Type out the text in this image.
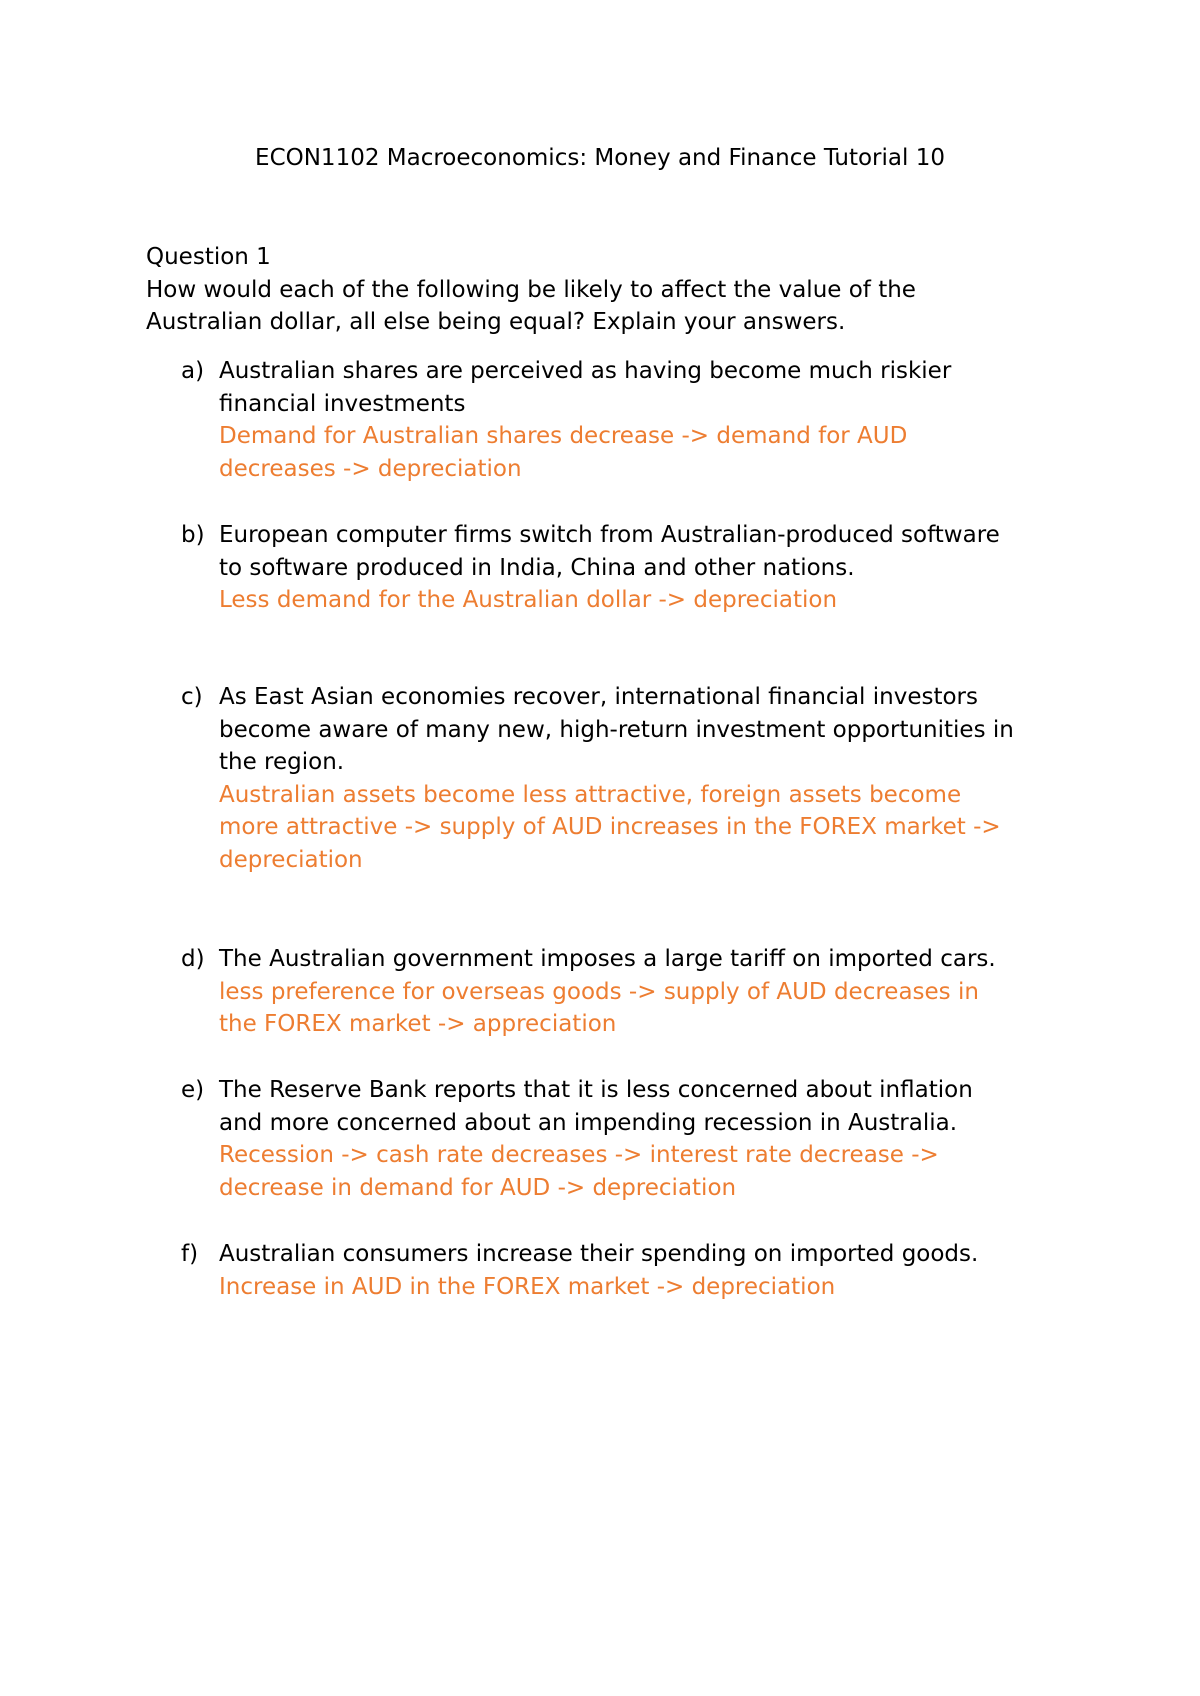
ECON1102 Macroeconomics: Money and Finance Tutorial 10
Question 1
How would each of the following be likely to affect the value of the
Australian dollar, all else being equal? Explain your answers.
a) Australian shares are perceived as having become much riskier
financial investments
Demand for Australian shares decrease -> demand for AUD
decreases -> depreciation
b) European computer firms switch from Australian-produced software
to software produced in India, China and other nations.
Less demand for the Australian dollar -> depreciation
c) As East Asian economies recover, international financial investors
become aware of many new, high-return investment opportunities in
the region.
Australian assets become less attractive, foreign assets become
more attractive -> supply of AUD increases in the FOREX market ->
depreciation
d) The Australian government imposes a large tariff on imported cars.
less preference for overseas goods -> supply of AUD decreases in
the FOREX market -> appreciation
e) The Reserve Bank reports that it is less concerned about inflation
and more concerned about an impending recession in Australia.
Recession -> cash rate decreases -> interest rate decrease ->
decrease in demand for AUD -> depreciation
f) Australian consumers increase their spending on imported goods.
Increase in AUD in the FOREX market -> depreciation
